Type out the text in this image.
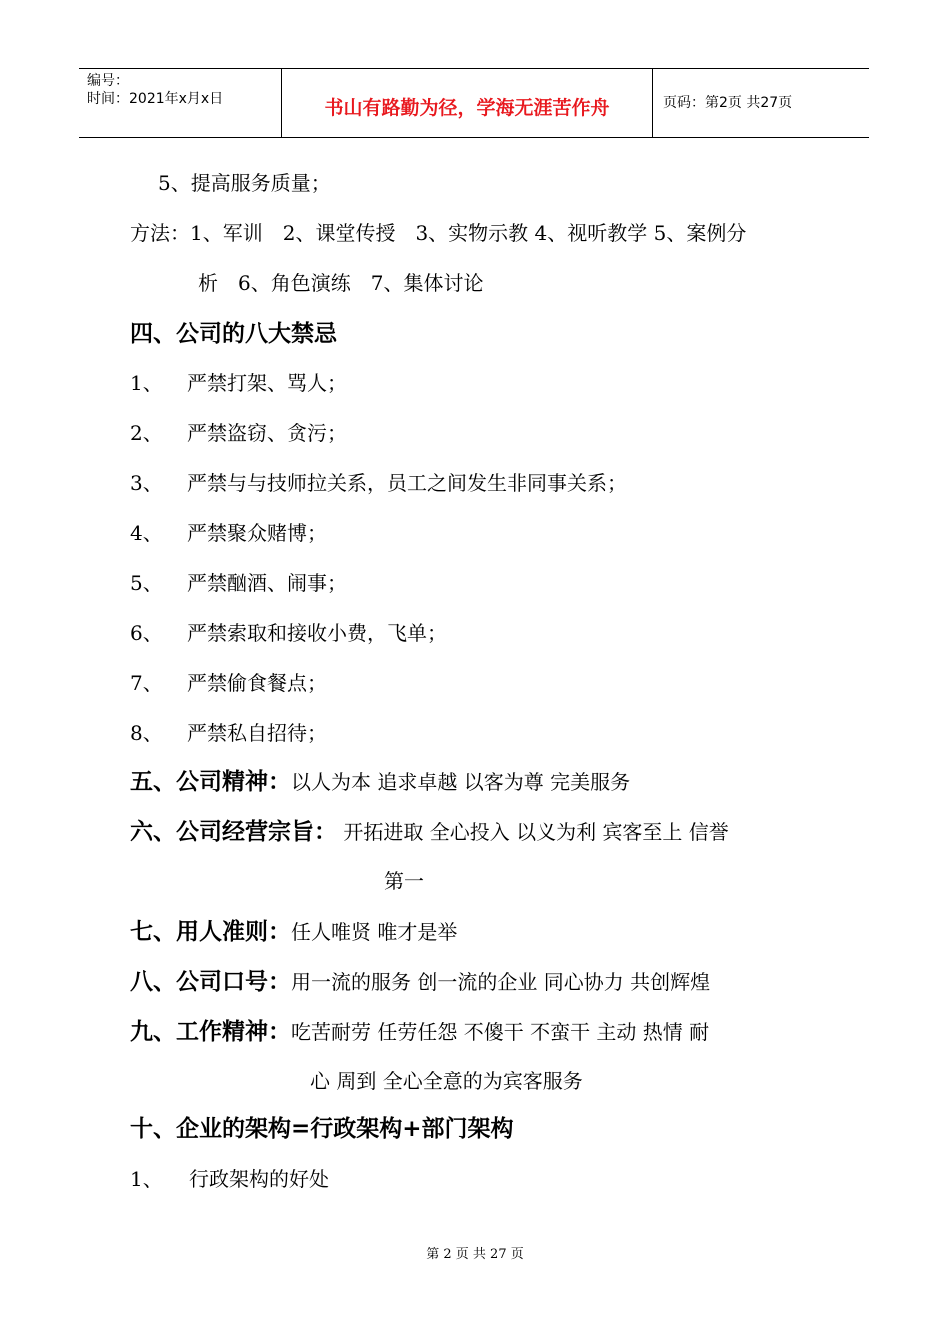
编号：
时间：2021年x月x日	书山有路勤为径，学海无涯苦作舟	页码：第2页 共27页
5、提高服务质量；
方法：1、军训　2、课堂传授　3、实物示教 4、视听教学 5、案例分
析　6、角色演练　7、集体讨论
四、公司的八大禁忌
1、 严禁打架、骂人；
2、 严禁盗窃、贪污；
3、 严禁与与技师拉关系，员工之间发生非同事关系；
4、 严禁聚众赌博；
5、 严禁酗酒、闹事；
6、 严禁索取和接收小费，飞单；
7、 严禁偷食餐点；
8、 严禁私自招待；
五、公司精神：以人为本 追求卓越 以客为尊 完美服务
六、公司经营宗旨： 开拓进取 全心投入 以义为利 宾客至上 信誉
第一
七、用人准则：任人唯贤 唯才是举
八、公司口号：用一流的服务 创一流的企业 同心协力 共创辉煌
九、工作精神：吃苦耐劳 任劳任怨 不傻干 不蛮干 主动 热情 耐
心 周到 全心全意的为宾客服务
十、企业的架构=行政架构+部门架构
1、 行政架构的好处
第 2 页 共 27 页
